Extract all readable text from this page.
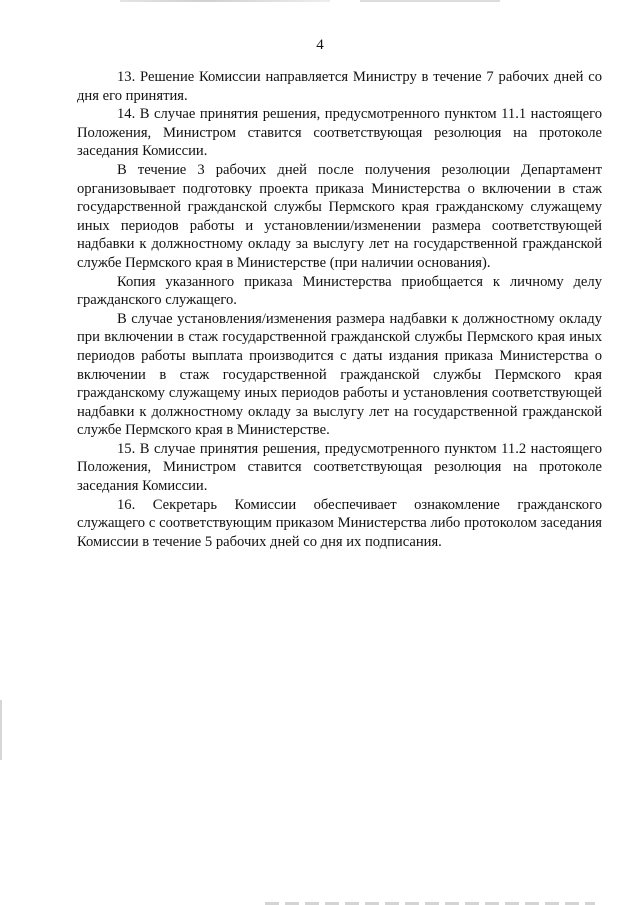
4

13. Решение Комиссии направляется Министру в течение 7 рабочих дней со дня его принятия.

14. В случае принятия решения, предусмотренного пунктом 11.1 настоящего Положения, Министром ставится соответствующая резолюция на протоколе заседания Комиссии.

В течение 3 рабочих дней после получения резолюции Департамент организовывает подготовку проекта приказа Министерства о включении в стаж государственной гражданской службы Пермского края гражданскому служащему иных периодов работы и установлении/изменении размера соответствующей надбавки к должностному окладу за выслугу лет на государственной гражданской службе Пермского края в Министерстве (при наличии основания).

Копия указанного приказа Министерства приобщается к личному делу гражданского служащего.

В случае установления/изменения размера надбавки к должностному окладу при включении в стаж государственной гражданской службы Пермского края иных периодов работы выплата производится с даты издания приказа Министерства о включении в стаж государственной гражданской службы Пермского края гражданскому служащему иных периодов работы и установления соответствующей надбавки к должностному окладу за выслугу лет на государственной гражданской службе Пермского края в Министерстве.

15. В случае принятия решения, предусмотренного пунктом 11.2 настоящего Положения, Министром ставится соответствующая резолюция на протоколе заседания Комиссии.

16. Секретарь Комиссии обеспечивает ознакомление гражданского служащего с соответствующим приказом Министерства либо протоколом заседания Комиссии в течение 5 рабочих дней со дня их подписания.
